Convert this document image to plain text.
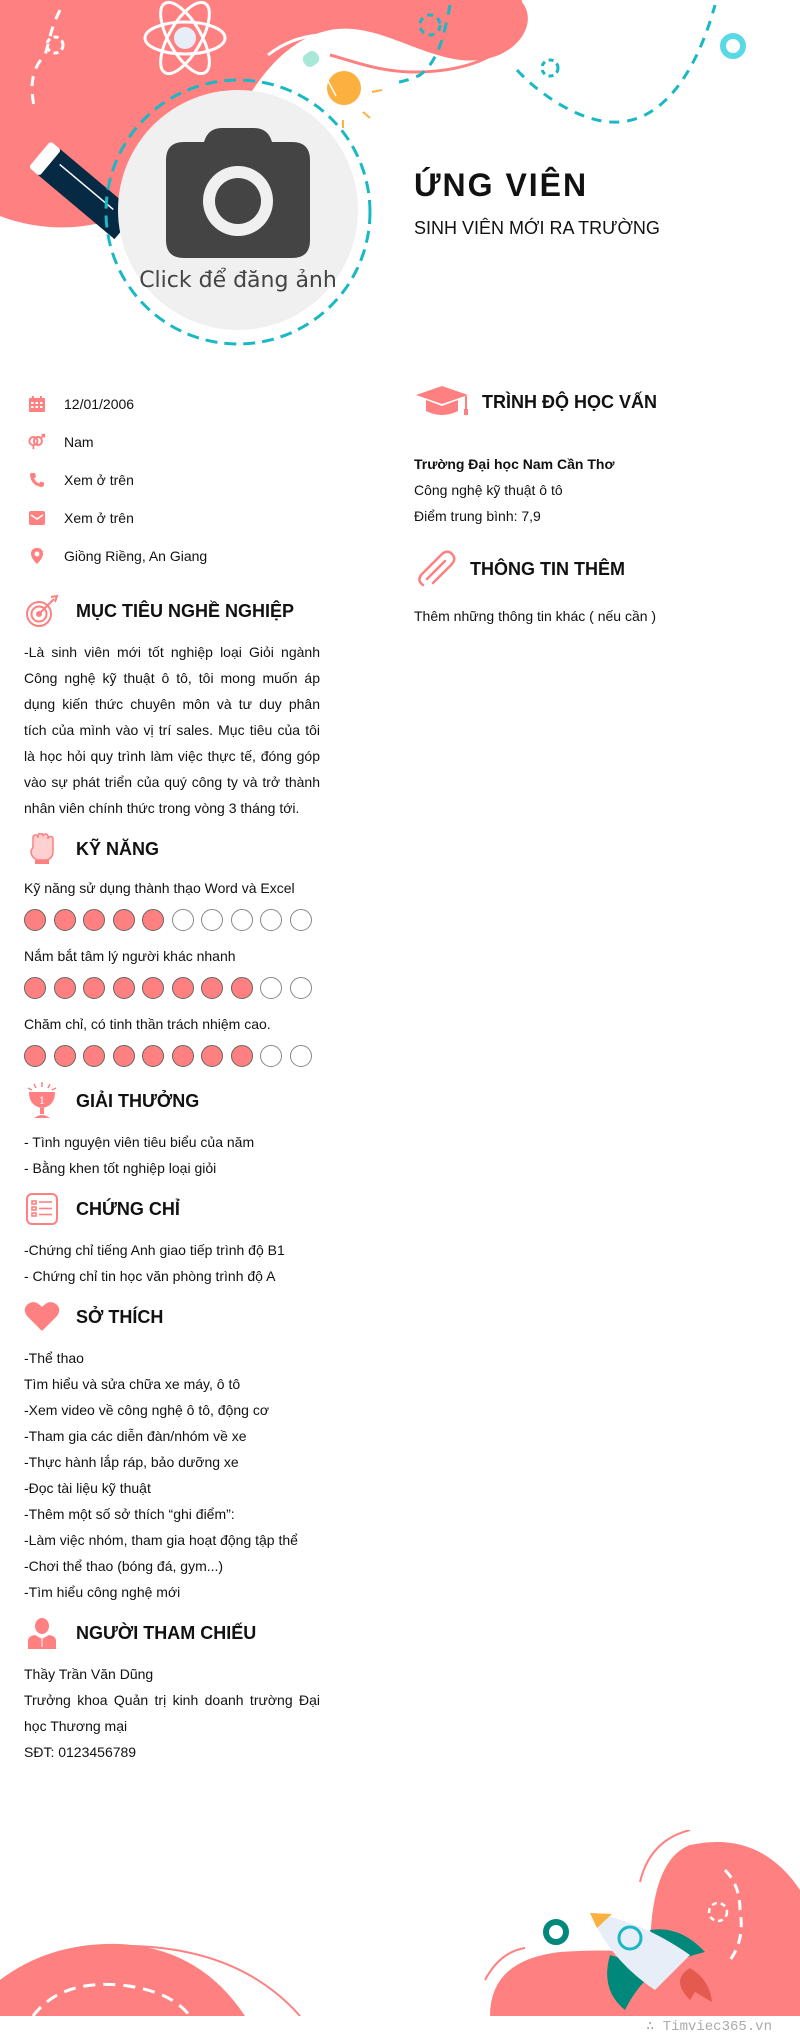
Click để đăng ảnh
ỨNG VIÊN
SINH VIÊN MỚI RA TRƯỜNG
12/01/2006
Nam
Xem ở trên
Xem ở trên
Giồng Riềng, An Giang
MỤC TIÊU NGHỀ NGHIỆP
-Là sinh viên mới tốt nghiệp loại Giỏi ngành Công nghệ kỹ thuật ô tô, tôi mong muốn áp dụng kiến thức chuyên môn và tư duy phân tích của mình vào vị trí sales. Mục tiêu của tôi là học hỏi quy trình làm việc thực tế, đóng góp vào sự phát triển của quý công ty và trở thành nhân viên chính thức trong vòng 3 tháng tới.
KỸ NĂNG
Kỹ năng sử dụng thành thạo Word và Excel
Nắm bắt tâm lý người khác nhanh
Chăm chỉ, có tinh thần trách nhiệm cao.
1 GIẢI THƯỞNG
- Tình nguyện viên tiêu biểu của năm
- Bằng khen tốt nghiệp loại giỏi
CHỨNG CHỈ
-Chứng chỉ tiếng Anh giao tiếp trình độ B1
- Chứng chỉ tin học văn phòng trình độ A
SỞ THÍCH
-Thể thao
Tìm hiểu và sửa chữa xe máy, ô tô
-Xem video về công nghệ ô tô, động cơ
-Tham gia các diễn đàn/nhóm về xe
-Thực hành lắp ráp, bảo dưỡng xe
-Đọc tài liệu kỹ thuật
-Thêm một số sở thích “ghi điểm”:
-Làm việc nhóm, tham gia hoạt động tập thể
-Chơi thể thao (bóng đá, gym...)
-Tìm hiểu công nghệ mới
NGƯỜI THAM CHIẾU
Thầy Trần Văn Dũng
Trưởng khoa Quản trị kinh doanh trường Đại học Thương mại
SĐT: 0123456789
TRÌNH ĐỘ HỌC VẤN
Trường Đại học Nam Cần Thơ
Công nghệ kỹ thuật ô tô
Điểm trung bình: 7,9
THÔNG TIN THÊM
Thêm những thông tin khác ( nếu cần )
∴ Timviec365.vn
